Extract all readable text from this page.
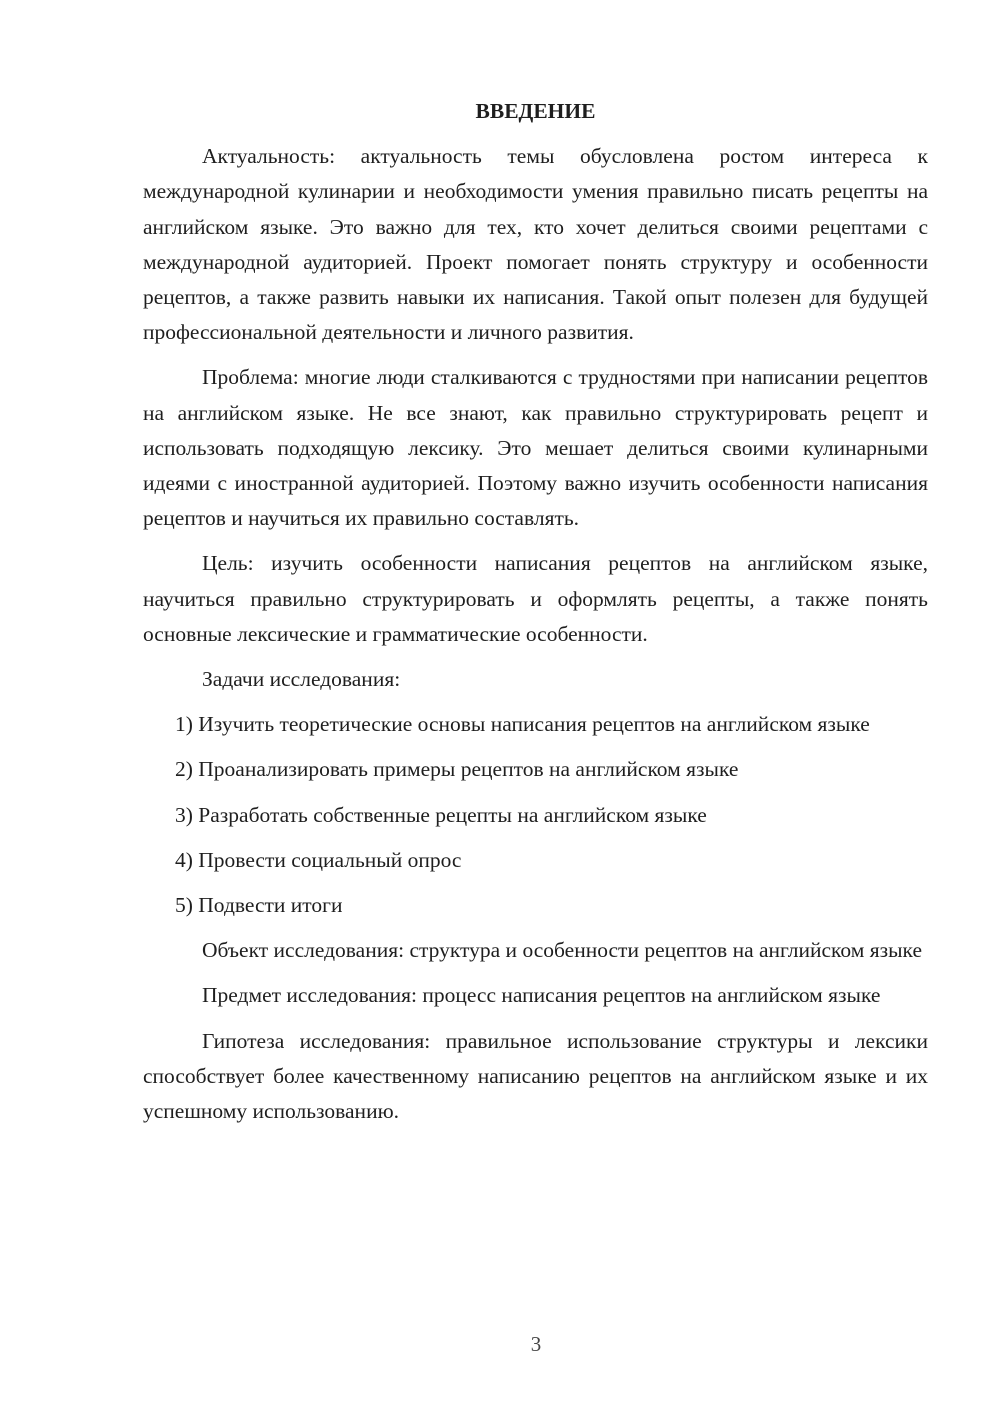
ВВЕДЕНИЕ
Актуальность: актуальность темы обусловлена ростом интереса к международной кулинарии и необходимости умения правильно писать рецепты на английском языке. Это важно для тех, кто хочет делиться своими рецептами с международной аудиторией. Проект помогает понять структуру и особенности рецептов, а также развить навыки их написания. Такой опыт полезен для будущей профессиональной деятельности и личного развития.
Проблема: многие люди сталкиваются с трудностями при написании рецептов на английском языке. Не все знают, как правильно структурировать рецепт и использовать подходящую лексику. Это мешает делиться своими кулинарными идеями с иностранной аудиторией. Поэтому важно изучить особенности написания рецептов и научиться их правильно составлять.
Цель: изучить особенности написания рецептов на английском языке, научиться правильно структурировать и оформлять рецепты, а также понять основные лексические и грамматические особенности.
Задачи исследования:
1) Изучить теоретические основы написания рецептов на английском языке
2) Проанализировать примеры рецептов на английском языке
3) Разработать собственные рецепты на английском языке
4) Провести социальный опрос
5) Подвести итоги
Объект исследования: структура и особенности рецептов на английском языке
Предмет исследования: процесс написания рецептов на английском языке
Гипотеза исследования: правильное использование структуры и лексики способствует более качественному написанию рецептов на английском языке и их успешному использованию.
3
